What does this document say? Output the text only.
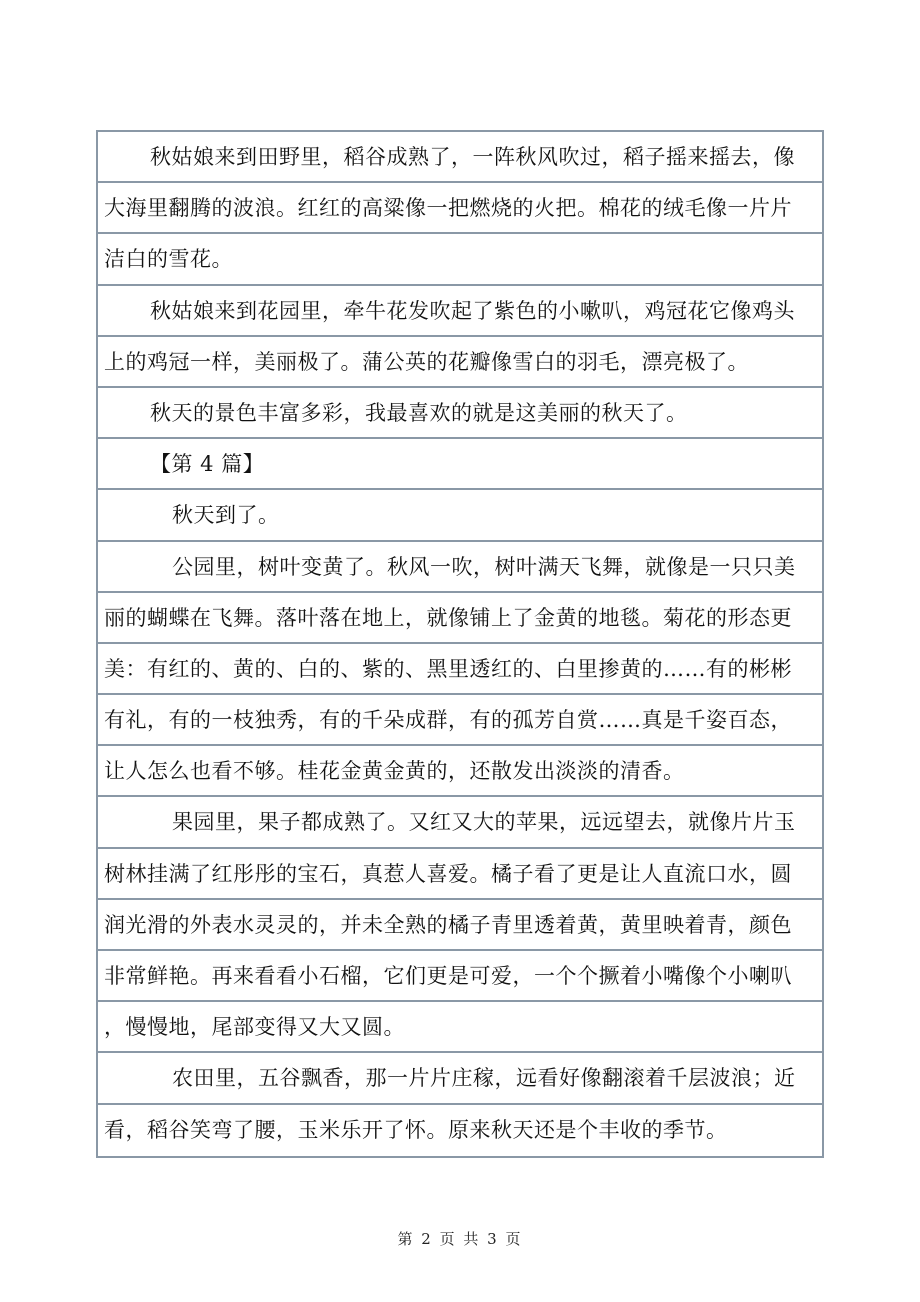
秋姑娘来到田野里，稻谷成熟了，一阵秋风吹过，稻子摇来摇去，像
大海里翻腾的波浪。红红的高粱像一把燃烧的火把。棉花的绒毛像一片片
洁白的雪花。
秋姑娘来到花园里，牵牛花发吹起了紫色的小嗽叭，鸡冠花它像鸡头
上的鸡冠一样，美丽极了。蒲公英的花瓣像雪白的羽毛，漂亮极了。
秋天的景色丰富多彩，我最喜欢的就是这美丽的秋天了。
【第 4 篇】
秋天到了。
公园里，树叶变黄了。秋风一吹，树叶满天飞舞，就像是一只只美
丽的蝴蝶在飞舞。落叶落在地上，就像铺上了金黄的地毯。菊花的形态更
美：有红的、黄的、白的、紫的、黑里透红的、白里掺黄的……有的彬彬
有礼，有的一枝独秀，有的千朵成群，有的孤芳自赏……真是千姿百态，
让人怎么也看不够。桂花金黄金黄的，还散发出淡淡的清香。
果园里，果子都成熟了。又红又大的苹果，远远望去，就像片片玉
树林挂满了红彤彤的宝石，真惹人喜爱。橘子看了更是让人直流口水，圆
润光滑的外表水灵灵的，并未全熟的橘子青里透着黄，黄里映着青，颜色
非常鲜艳。再来看看小石榴，它们更是可爱，一个个撅着小嘴像个小喇叭
，慢慢地，尾部变得又大又圆。
农田里，五谷飘香，那一片片庄稼，远看好像翻滚着千层波浪；近
看，稻谷笑弯了腰，玉米乐开了怀。原来秋天还是个丰收的季节。
第 2 页 共 3 页
